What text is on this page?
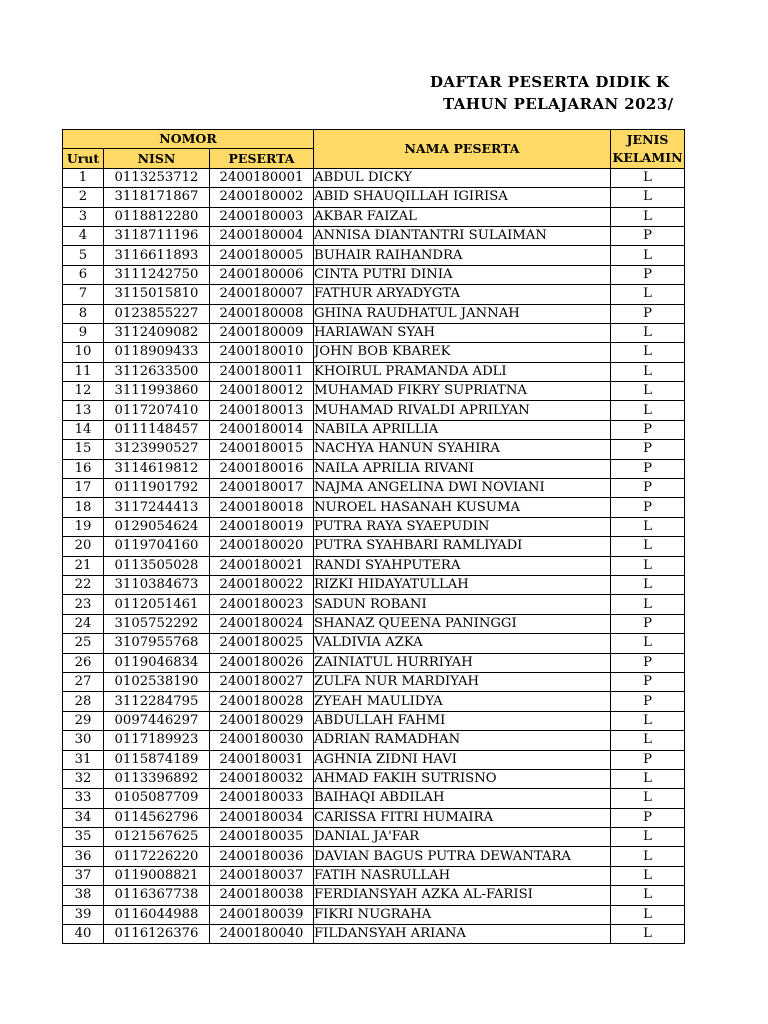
DAFTAR PESERTA DIDIK K
TAHUN PELAJARAN 2023/
NOMOR			NAMA PESERTA	JENIS
KELAMIN

Urut	NISN	PESERTA		
1	0113253712	2400180001	ABDUL DICKY	L
2	3118171867	2400180002	ABID SHAUQILLAH IGIRISA	L
3	0118812280	2400180003	AKBAR FAIZAL	L
4	3118711196	2400180004	ANNISA DIANTANTRI SULAIMAN	P
5	3116611893	2400180005	BUHAIR RAIHANDRA	L
6	3111242750	2400180006	CINTA PUTRI DINIA	P
7	3115015810	2400180007	FATHUR ARYADYGTA	L
8	0123855227	2400180008	GHINA RAUDHATUL JANNAH	P
9	3112409082	2400180009	HARIAWAN SYAH	L
10	0118909433	2400180010	JOHN BOB KBAREK	L
11	3112633500	2400180011	KHOIRUL PRAMANDA ADLI	L
12	3111993860	2400180012	MUHAMAD FIKRY SUPRIATNA	L
13	0117207410	2400180013	MUHAMAD RIVALDI APRILYAN	L
14	0111148457	2400180014	NABILA APRILLIA	P
15	3123990527	2400180015	NACHYA HANUN SYAHIRA	P
16	3114619812	2400180016	NAILA APRILIA RIVANI	P
17	0111901792	2400180017	NAJMA ANGELINA DWI NOVIANI	P
18	3117244413	2400180018	NUROEL HASANAH KUSUMA	P
19	0129054624	2400180019	PUTRA RAYA SYAEPUDIN	L
20	0119704160	2400180020	PUTRA SYAHBARI RAMLIYADI	L
21	0113505028	2400180021	RANDI SYAHPUTERA	L
22	3110384673	2400180022	RIZKI HIDAYATULLAH	L
23	0112051461	2400180023	SADUN ROBANI	L
24	3105752292	2400180024	SHANAZ QUEENA PANINGGI	P
25	3107955768	2400180025	VALDIVIA AZKA	L
26	0119046834	2400180026	ZAINIATUL HURRIYAH	P
27	0102538190	2400180027	ZULFA NUR MARDIYAH	P
28	3112284795	2400180028	ZYEAH MAULIDYA	P
29	0097446297	2400180029	ABDULLAH FAHMI	L
30	0117189923	2400180030	ADRIAN RAMADHAN	L
31	0115874189	2400180031	AGHNIA ZIDNI HAVI	P
32	0113396892	2400180032	AHMAD FAKIH SUTRISNO	L
33	0105087709	2400180033	BAIHAQI ABDILAH	L
34	0114562796	2400180034	CARISSA FITRI HUMAIRA	P
35	0121567625	2400180035	DANIAL JA'FAR	L
36	0117226220	2400180036	DAVIAN BAGUS PUTRA DEWANTARA	L
37	0119008821	2400180037	FATIH NASRULLAH	L
38	0116367738	2400180038	FERDIANSYAH AZKA AL-FARISI	L
39	0116044988	2400180039	FIKRI NUGRAHA	L
40	0116126376	2400180040	FILDANSYAH ARIANA	L
